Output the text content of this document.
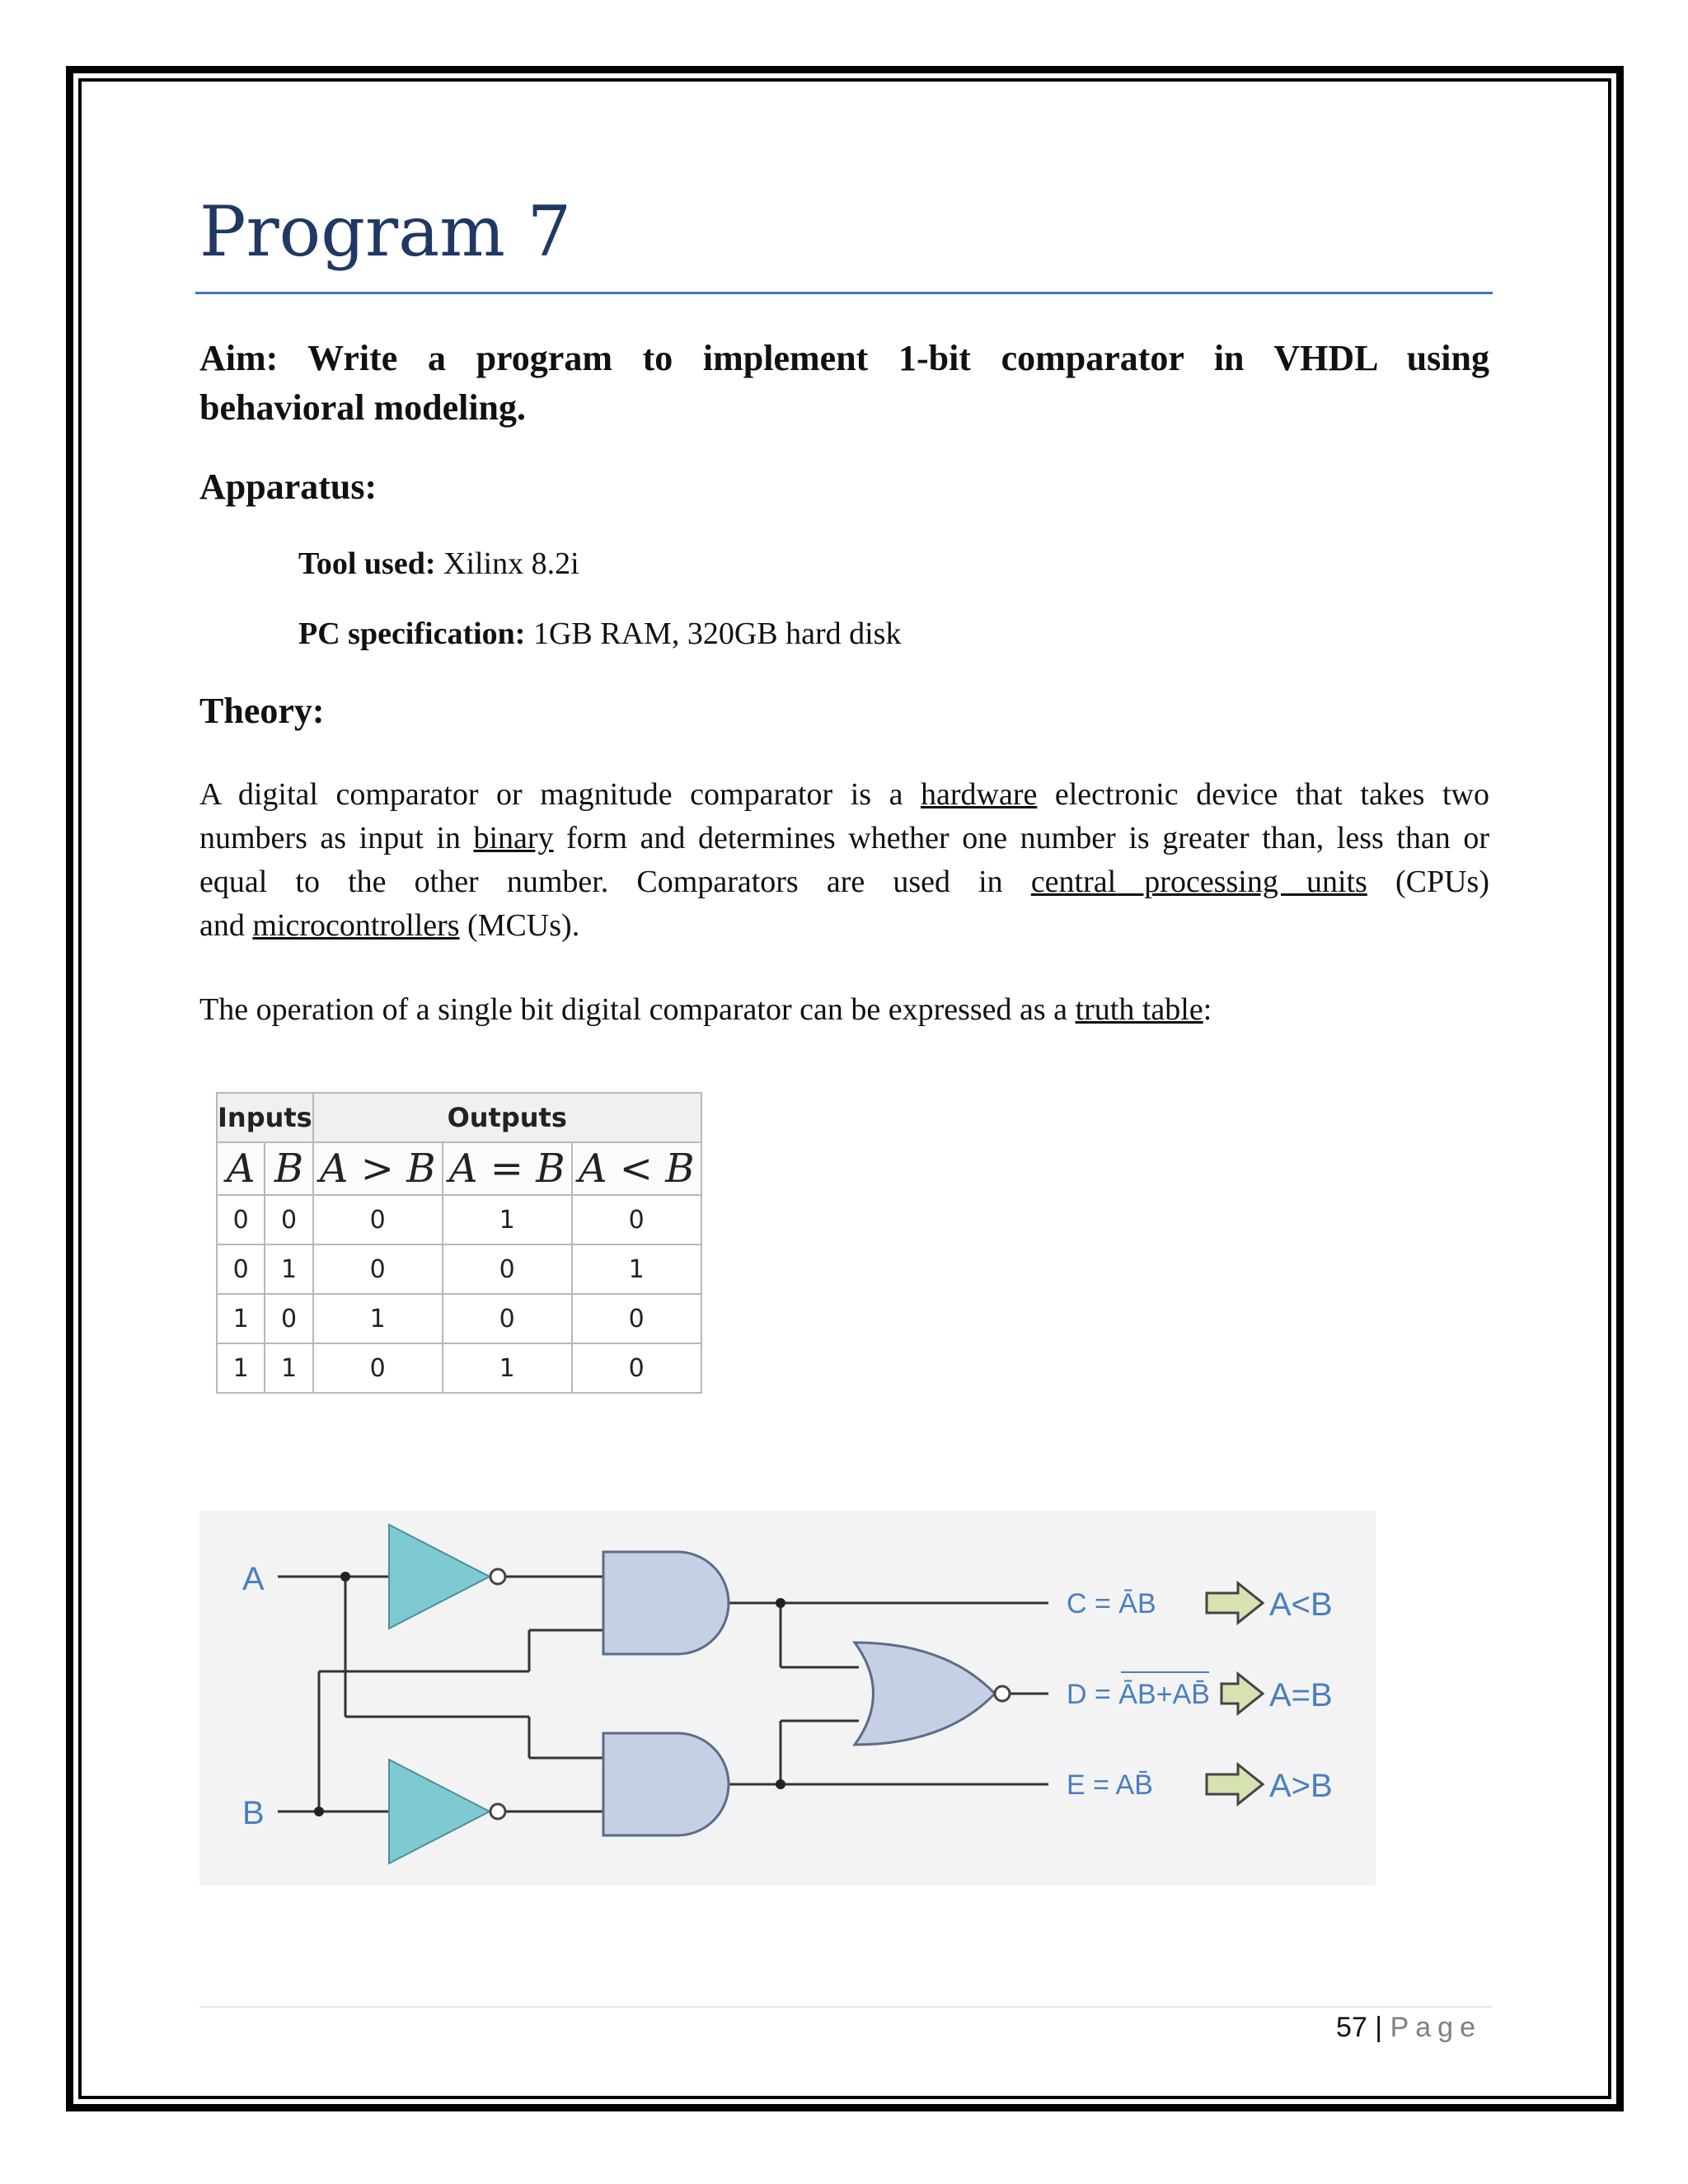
Program 7

Aim: Write a program to implement 1-bit comparator in VHDL using
behavioral modeling.

Apparatus:

Tool used: Xilinx 8.2i

PC specification: 1GB RAM, 320GB hard disk

Theory:

A digital comparator or magnitude comparator is a hardware electronic device that takes two
numbers as input in binary form and determines whether one number is greater than, less than or
equal to the other number. Comparators are used in central processing units (CPUs)
and microcontrollers (MCUs).

The operation of a single bit digital comparator can be expressed as a truth table:

Inputs		Outputs		
A	B	A > B	A = B	A < B
0	0	0	1	0
0	1	0	0	1
1	0	1	0	0
1	1	0	1	0
A
B
C = ĀB
D = ĀB+AB̄
E = AB̄
A<B
A=B
A>B
57 | Page
